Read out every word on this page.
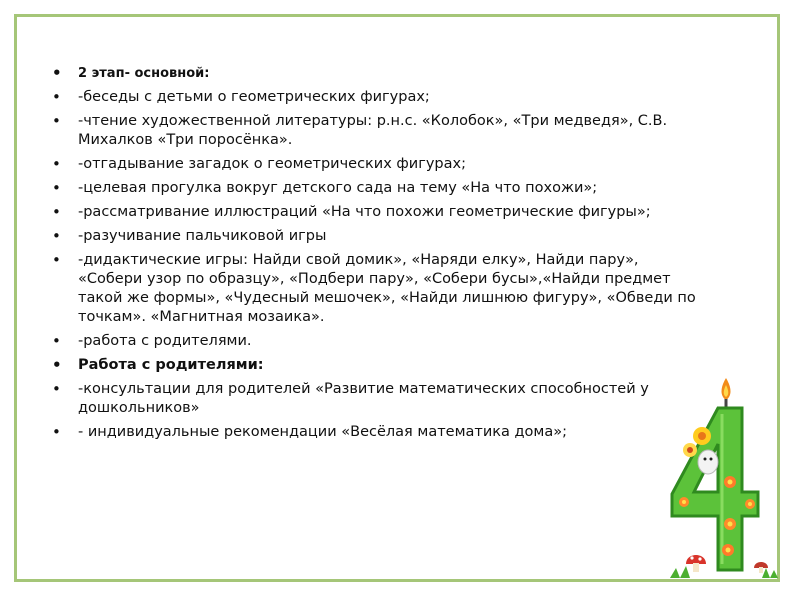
• 2 этап- основной:
• -беседы с детьми о геометрических фигурах;
• -чтение художественной литературы: р.н.с. «Колобок», «Три медведя», С.В. Михалков «Три поросёнка».
• -отгадывание загадок о геометрических фигурах;
• -целевая прогулка вокруг детского сада на тему «На что похожи»;
• -рассматривание иллюстраций «На что похожи геометрические фигуры»;
• -разучивание пальчиковой игры
• -дидактические игры: Найди свой домик», «Наряди елку», Найди пару», «Собери узор по образцу», «Подбери пару», «Собери бусы»,«Найди предмет такой же формы», «Чудесный мешочек», «Найди лишнюю фигуру», «Обведи по точкам». «Магнитная мозаика».
• -работа с родителями.
• Работа с родителями:
• -консультации для родителей «Развитие математических способностей у дошкольников»
• - индивидуальные рекомендации «Весёлая математика дома»;
